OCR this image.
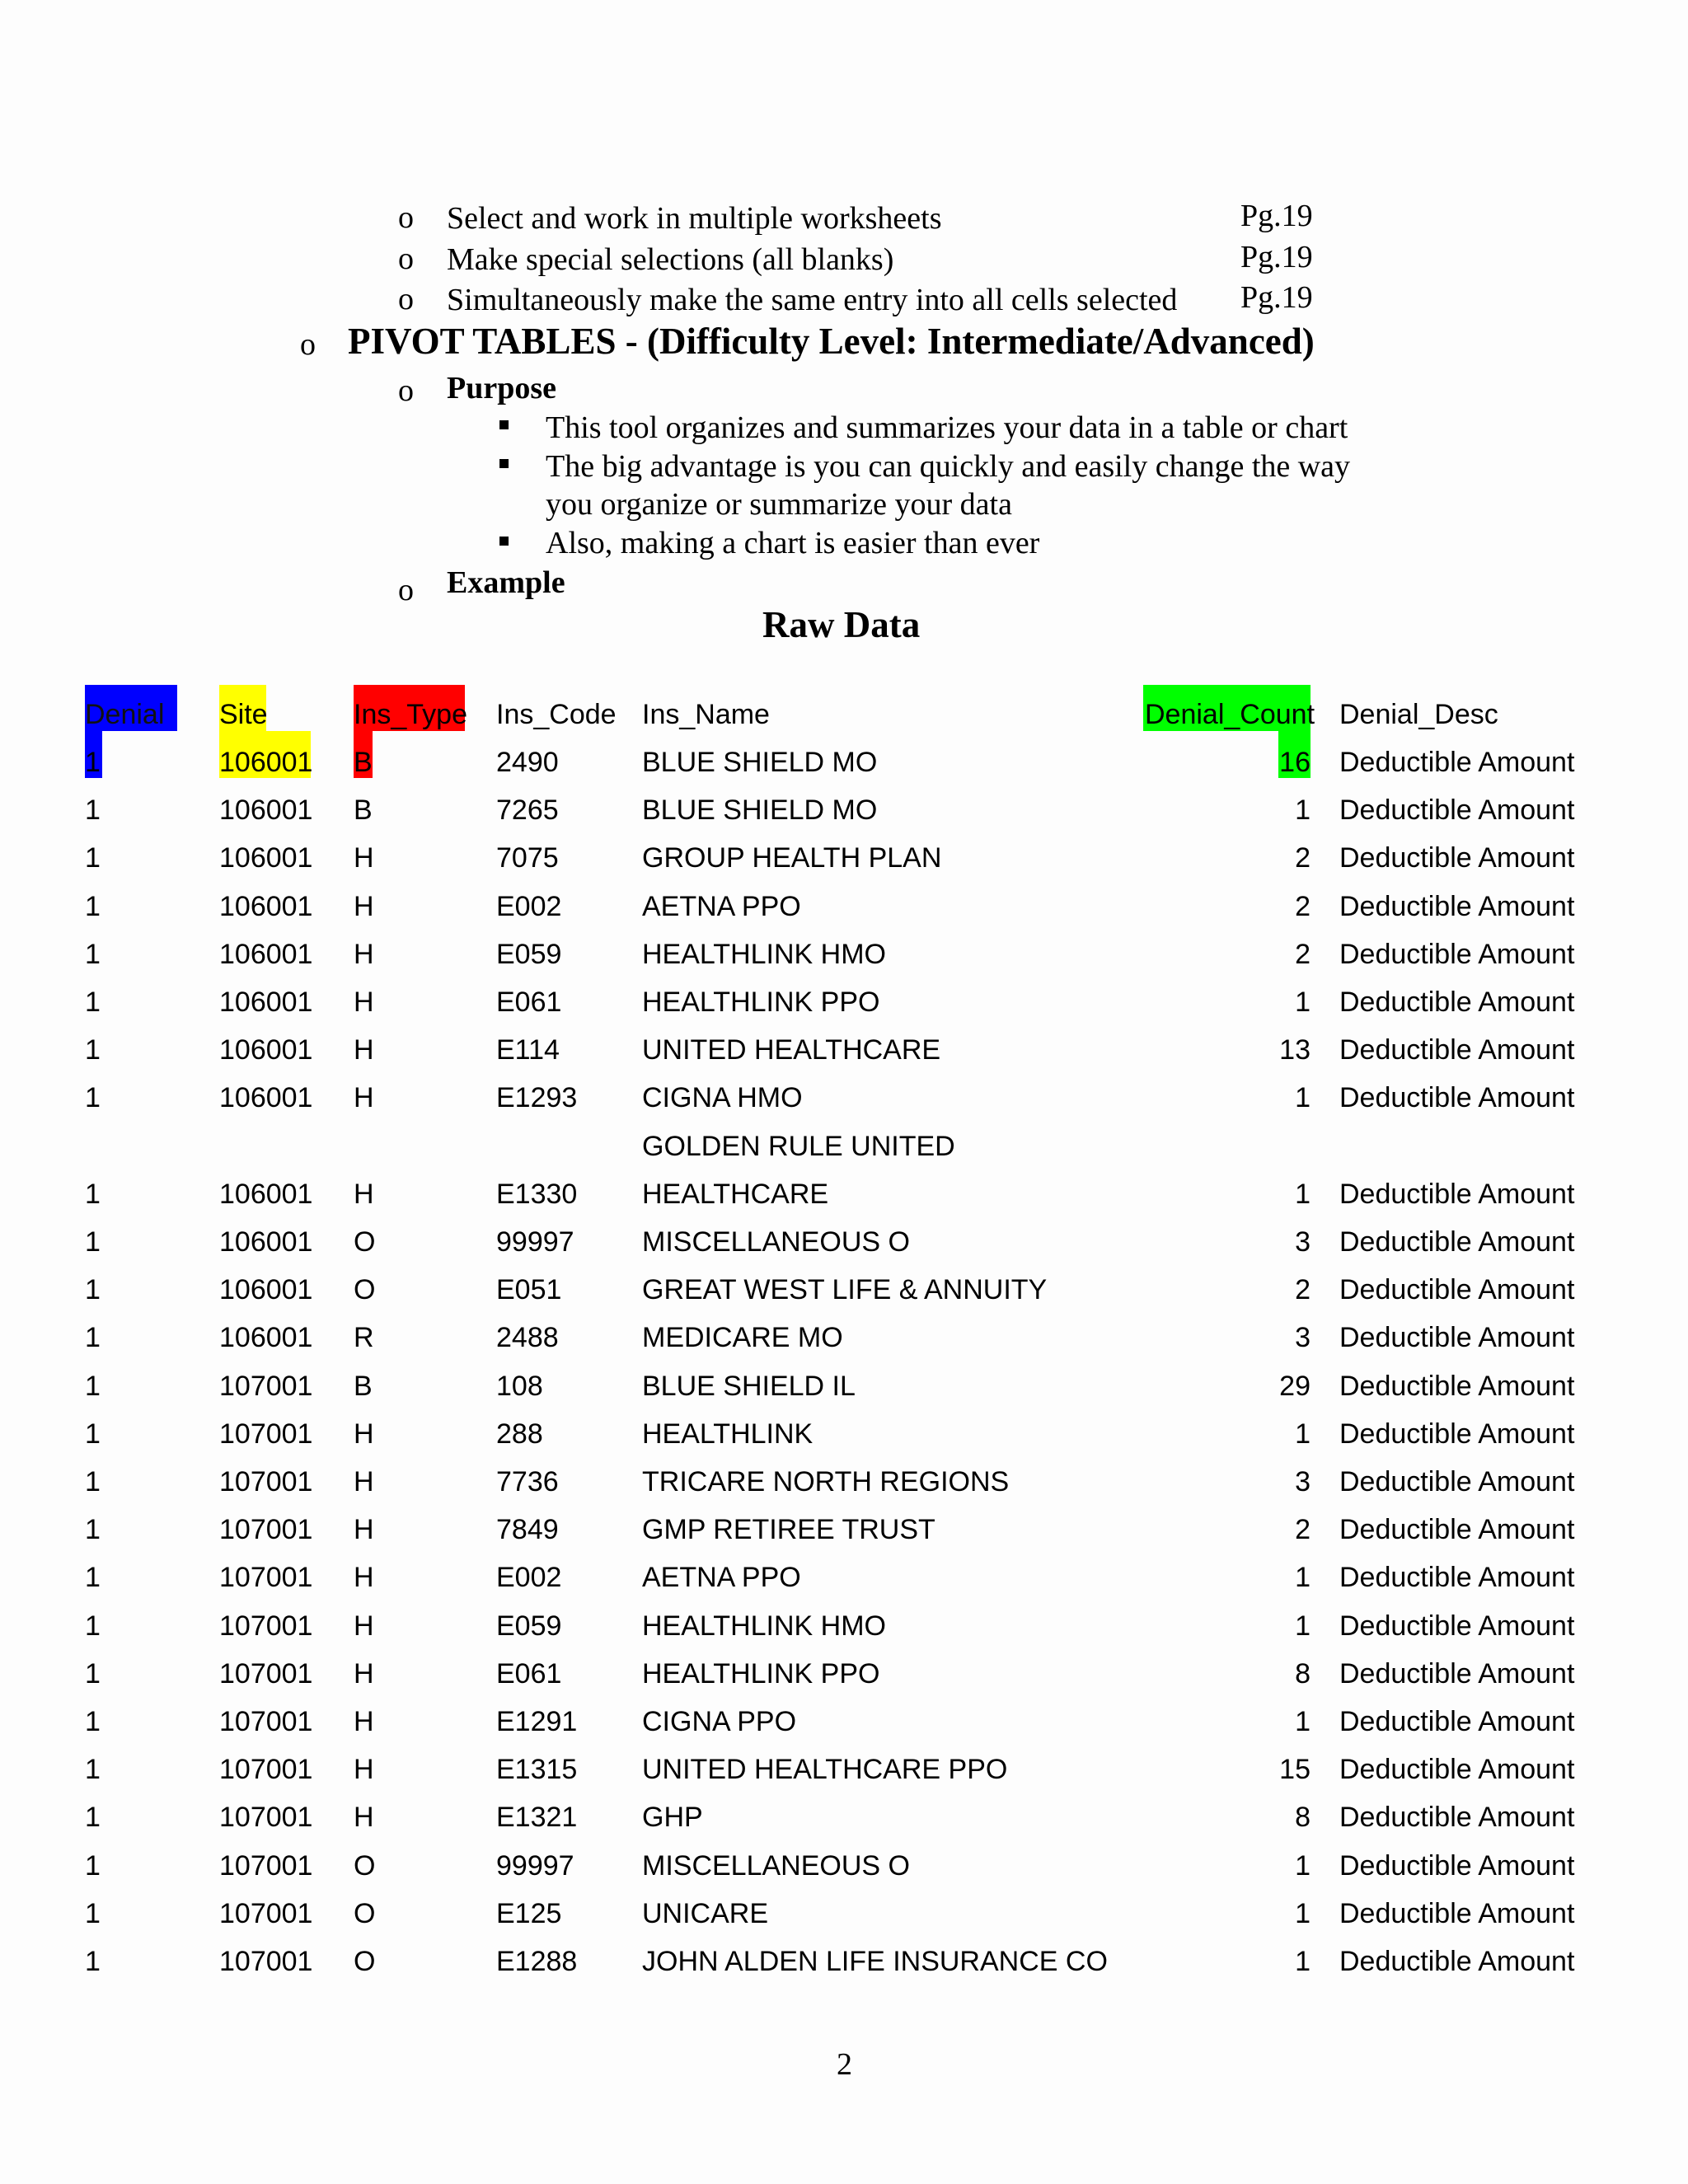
o Select and work in multiple worksheets	Pg.19
o Make special selections (all blanks)	Pg.19
o Simultaneously make the same entry into all cells selected Pg.19
o PIVOT TABLES - (Difficulty Level: Intermediate/Advanced)
o Purpose
This tool organizes and summarizes your data in a table or chart
The big advantage is you can quickly and easily change the way
you organize or summarize your data
Also, making a chart is easier than ever
o Example
Raw Data
Denial Site	Ins_Type Ins_Code Ins_Name	Denial_Count Denial_Desc
1	106001 B	2490	BLUE SHIELD MO	16 Deductible Amount
1	106001 B	7265	BLUE SHIELD MO	1 Deductible Amount
1	106001 H	7075	GROUP HEALTH PLAN	2 Deductible Amount
1	106001 H	E002	AETNA PPO	2 Deductible Amount
1	106001 H	E059	HEALTHLINK HMO	2 Deductible Amount
1	106001 H	E061	HEALTHLINK PPO	1 Deductible Amount
1	106001 H	E114	UNITED HEALTHCARE	13 Deductible Amount
1	106001 H	E1293 CIGNA HMO	1 Deductible Amount
GOLDEN RULE UNITED
1	106001 H	E1330 HEALTHCARE	1 Deductible Amount
1	106001 O	99997 MISCELLANEOUS O	3 Deductible Amount
1	106001 O	E051	GREAT WEST LIFE & ANNUITY	2 Deductible Amount
1	106001 R	2488	MEDICARE MO	3 Deductible Amount
1	107001 B	108	BLUE SHIELD IL	29 Deductible Amount
1	107001 H	288	HEALTHLINK	1 Deductible Amount
1	107001 H	7736	TRICARE NORTH REGIONS	3 Deductible Amount
1	107001 H	7849	GMP RETIREE TRUST	2 Deductible Amount
1	107001 H	E002	AETNA PPO	1 Deductible Amount
1	107001 H	E059	HEALTHLINK HMO	1 Deductible Amount
1	107001 H	E061	HEALTHLINK PPO	8 Deductible Amount
1	107001 H	E1291 CIGNA PPO	1 Deductible Amount
1	107001 H	E1315 UNITED HEALTHCARE PPO	15 Deductible Amount
1	107001 H	E1321 GHP	8 Deductible Amount
1	107001 O	99997 MISCELLANEOUS O	1 Deductible Amount
1	107001 O	E125	UNICARE	1 Deductible Amount
1	107001 O	E1288 JOHN ALDEN LIFE INSURANCE CO	1 Deductible Amount
2
